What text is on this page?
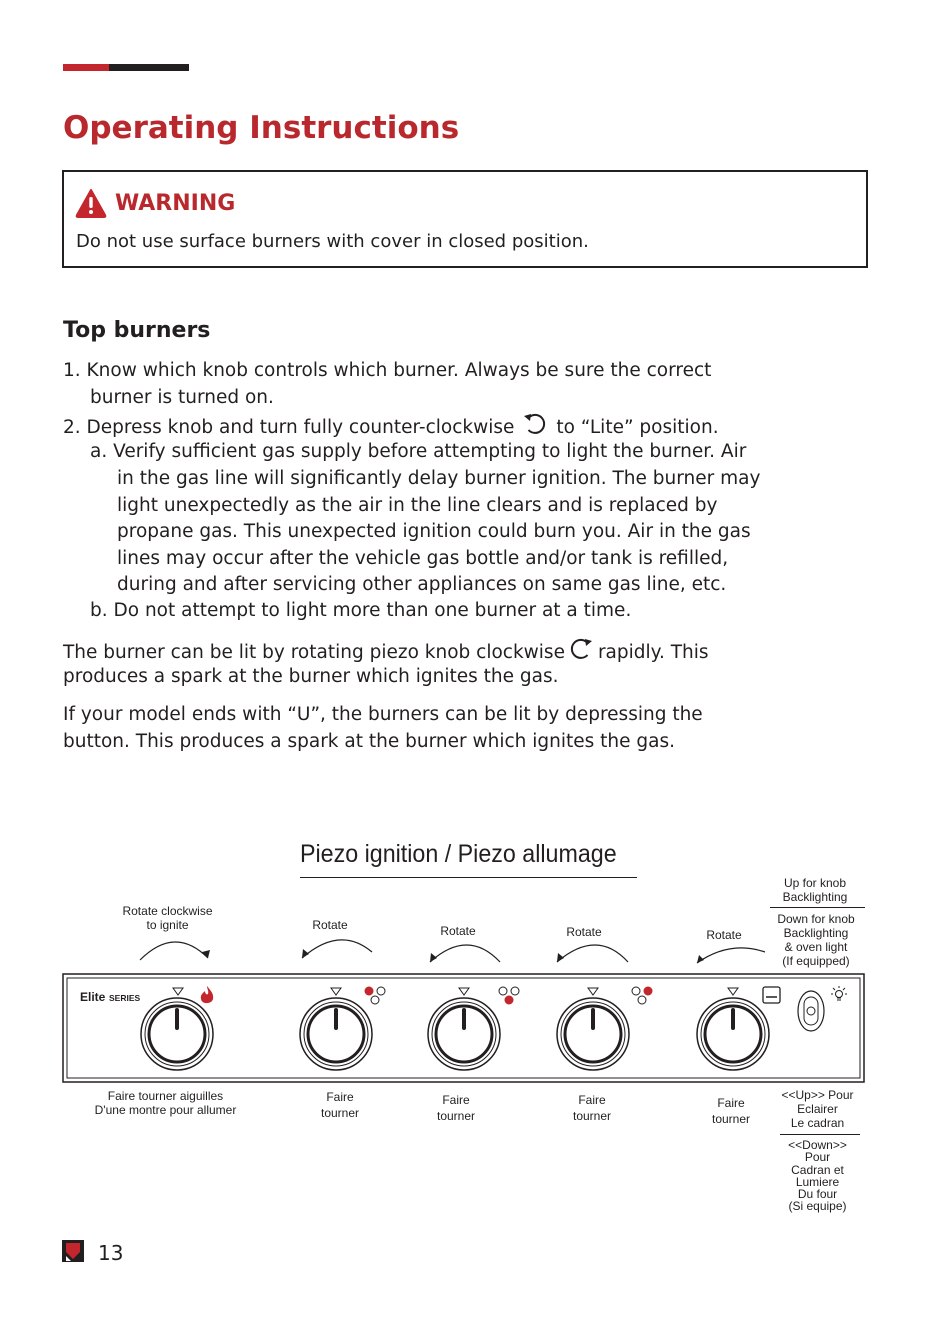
Operating Instructions
WARNING
Do not use surface burners with cover in closed position.
Top burners
1. Know which knob controls which burner. Always be sure the correct
burner is turned on.
2. Depress knob and turn fully counter-clockwise to “Lite” position.
a. Verify sufficient gas supply before attempting to light the burner. Air
in the gas line will significantly delay burner ignition. The burner may
light unexpectedly as the air in the line clears and is replaced by
propane gas. This unexpected ignition could burn you. Air in the gas
lines may occur after the vehicle gas bottle and/or tank is refilled,
during and after servicing other appliances on same gas line, etc.
b. Do not attempt to light more than one burner at a time.
The burner can be lit by rotating piezo knob clockwise rapidly. This
produces a spark at the burner which ignites the gas.
If your model ends with “U”, the burners can be lit by depressing the
button. This produces a spark at the burner which ignites the gas.
Piezo ignition / Piezo allumage
Rotate clockwise
to ignite	Rotate	Rotate	Rotate	Rotate
Up for knob
Backlighting
Down for knob
Backlighting
& oven light
(If equipped)
Elite SERIES
Faire tourner aiguilles
D'une montre pour allumer
Faire
tourner
Faire
tourner
Faire
tourner
Faire
tourner
<<Up>> Pour
Eclairer
Le cadran
<<Down>>
Pour
Cadran et
Lumiere
Du four
(Si equipe)
13
